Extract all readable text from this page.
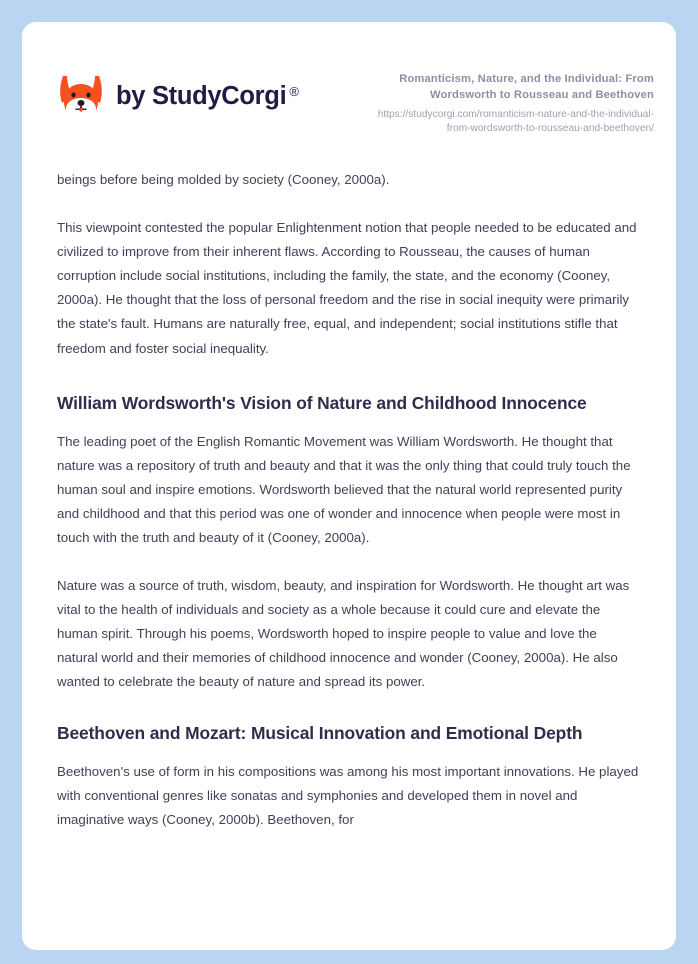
by StudyCorgi ®
Romanticism, Nature, and the Individual: From Wordsworth to Rousseau and Beethoven
https://studycorgi.com/romanticism-nature-and-the-individual-from-wordsworth-to-rousseau-and-beethoven/

beings before being molded by society (Cooney, 2000a).

This viewpoint contested the popular Enlightenment notion that people needed to be educated and civilized to improve from their inherent flaws. According to Rousseau, the causes of human corruption include social institutions, including the family, the state, and the economy (Cooney, 2000a). He thought that the loss of personal freedom and the rise in social inequity were primarily the state's fault. Humans are naturally free, equal, and independent; social institutions stifle that freedom and foster social inequality.

William Wordsworth's Vision of Nature and Childhood Innocence

The leading poet of the English Romantic Movement was William Wordsworth. He thought that nature was a repository of truth and beauty and that it was the only thing that could truly touch the human soul and inspire emotions. Wordsworth believed that the natural world represented purity and childhood and that this period was one of wonder and innocence when people were most in touch with the truth and beauty of it (Cooney, 2000a).

Nature was a source of truth, wisdom, beauty, and inspiration for Wordsworth. He thought art was vital to the health of individuals and society as a whole because it could cure and elevate the human spirit. Through his poems, Wordsworth hoped to inspire people to value and love the natural world and their memories of childhood innocence and wonder (Cooney, 2000a). He also wanted to celebrate the beauty of nature and spread its power.

Beethoven and Mozart: Musical Innovation and Emotional Depth

Beethoven's use of form in his compositions was among his most important innovations. He played with conventional genres like sonatas and symphonies and developed them in novel and imaginative ways (Cooney, 2000b). Beethoven, for
